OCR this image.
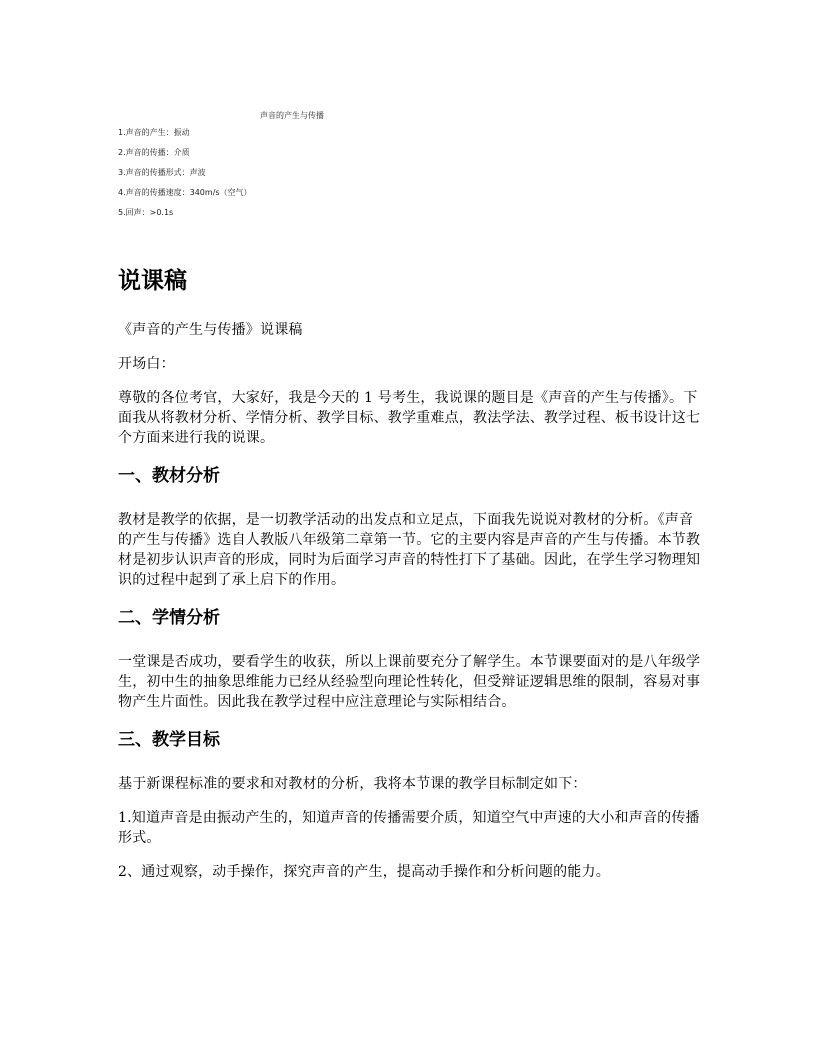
声音的产生与传播
1.声音的产生：振动
2.声音的传播：介质
3.声音的传播形式：声波
4.声音的传播速度：340m/s（空气）
5.回声：>0.1s
说课稿

《声音的产生与传播》说课稿

开场白：

尊敬的各位考官，大家好，我是今天的 1 号考生，我说课的题目是《声音的产生与传播》。下面我从将教材分析、学情分析、教学目标、教学重难点，教法学法、教学过程、板书设计这七个方面来进行我的说课。

一、教材分析

教材是教学的依据，是一切教学活动的出发点和立足点，下面我先说说对教材的分析。《声音的产生与传播》选自人教版八年级第二章第一节。它的主要内容是声音的产生与传播。本节教材是初步认识声音的形成，同时为后面学习声音的特性打下了基础。因此，在学生学习物理知识的过程中起到了承上启下的作用。

二、学情分析

一堂课是否成功，要看学生的收获，所以上课前要充分了解学生。本节课要面对的是八年级学生，初中生的抽象思维能力已经从经验型向理论性转化，但受辩证逻辑思维的限制，容易对事物产生片面性。因此我在教学过程中应注意理论与实际相结合。

三、教学目标

基于新课程标准的要求和对教材的分析，我将本节课的教学目标制定如下：

1.知道声音是由振动产生的，知道声音的传播需要介质，知道空气中声速的大小和声音的传播形式。

2、通过观察，动手操作，探究声音的产生，提高动手操作和分析问题的能力。
